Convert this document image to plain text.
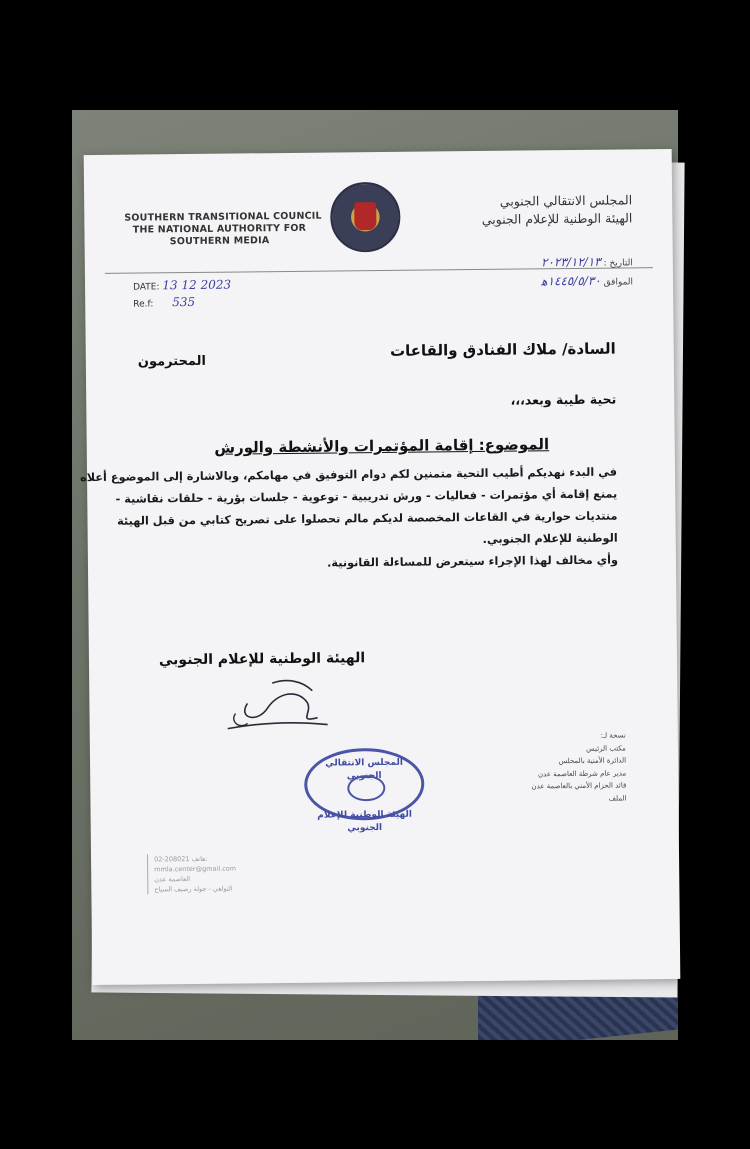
SOUTHERN TRANSITIONAL COUNCIL
THE NATIONAL AUTHORITY FOR
SOUTHERN MEDIA
المجلس الانتقالي الجنوبي
الهيئة الوطنية للإعلام الجنوبي
DATE: 13 12 2023
Re.f: 535
التاريخ : ٢٠٢٣/١٢/١٣
الموافق ١٤٤٥/٥/٣٠ه‍
السادة/ ملاك الفنادق والقاعات
المحترمون
تحية طيبة وبعد،،،
الموضوع: إقامة المؤتمرات والأنشطة والورش
في البدء نهديكم أطيب التحية متمنين لكم دوام التوفيق في مهامكم، وبالاشارة إلى الموضوع أعلاه
يمنع إقامة أي مؤتمرات - فعاليات - ورش تدريبية - توعوية - جلسات بؤرية - حلقات نقاشية -
منتديات حوارية في القاعات المخصصة لديكم مالم تحصلوا على تصريح كتابي من قبل الهيئة
الوطنية للإعلام الجنوبي.
وأي مخالف لهذا الإجراء سيتعرض للمساءلة القانونية.
الهيئة الوطنية للإعلام الجنوبي
المجلس الانتقالي الجنوبي
الهيئة الوطنية للإعلام الجنوبي
نسخة لـ:
مكتب الرئيس
الدائرة الأمنية بالمجلس
مدير عام شرطة العاصمة عدن
قائد الحزام الأمني بالعاصمة عدن
الملف
02-208021 هاتف:
mmla.center@gmail.com
العاصمة عدن
التواهي - جولة رصيف السياح
